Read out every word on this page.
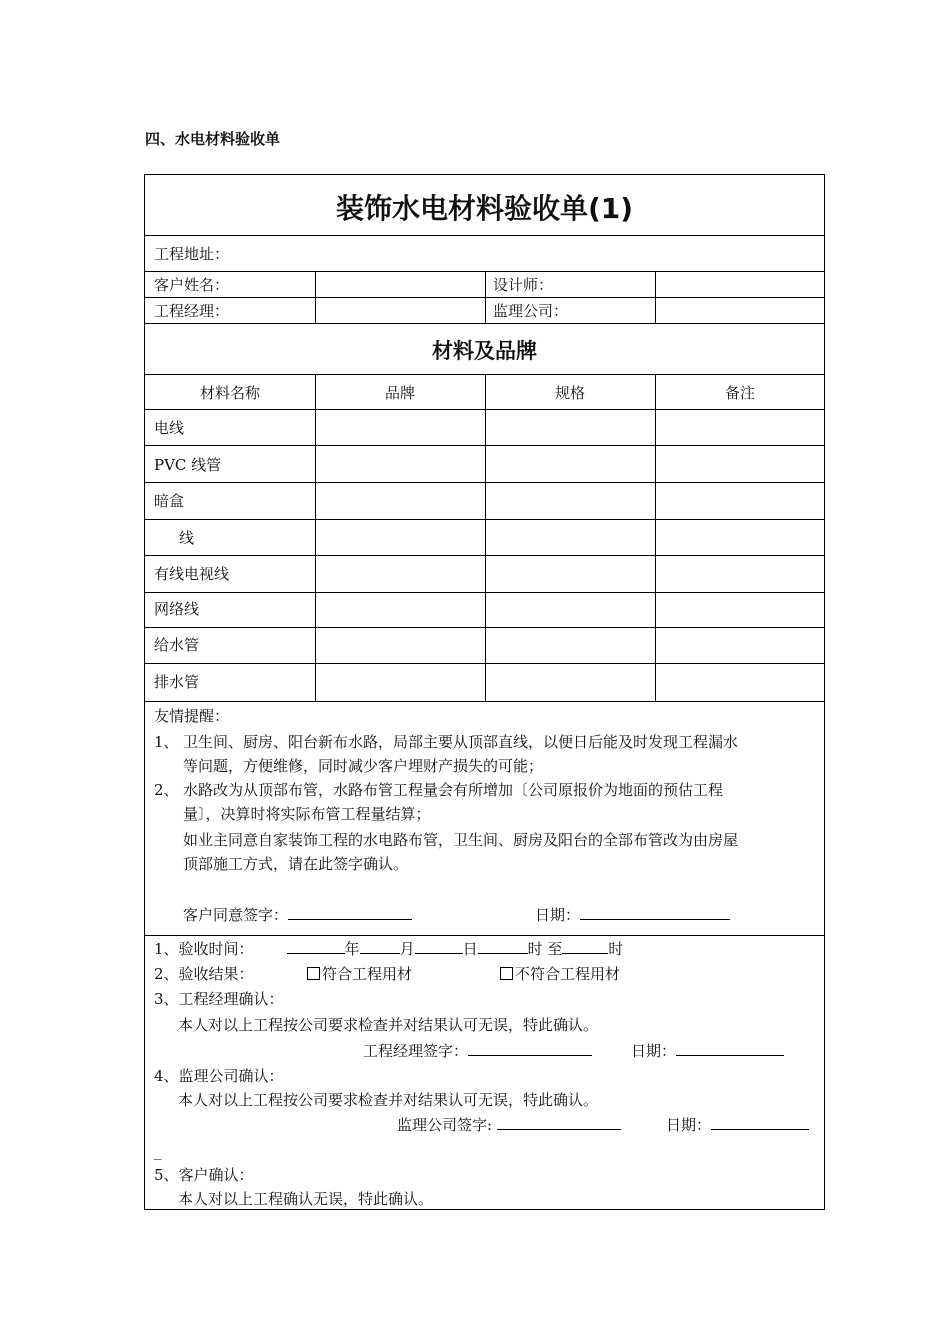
四、水电材料验收单
装饰水电材料验收单(1)
工程地址：
客户姓名：	设计师：
工程经理：	监理公司：
材料及品牌
材料名称	品牌	规格	备注
电线
PVC 线管
暗盒
线
有线电视线
网络线
给水管
排水管
友情提醒：
1、 卫生间、厨房、阳台新布水路，局部主要从顶部直线，以便日后能及时发现工程漏水
等问题，方便维修，同时减少客户埋财产损失的可能；
2、 水路改为从顶部布管，水路布管工程量会有所增加〔公司原报价为地面的预估工程
量〕，决算时将实际布管工程量结算；
如业主同意自家装饰工程的水电路布管，卫生间、厨房及阳台的全部布管改为由房屋
顶部施工方式，请在此签字确认。
客户同意签字：	日期：
1、验收时间：	年	月	日	时 至	时
2、验收结果：	符合工程用材	不符合工程用材
3、工程经理确认：
本人对以上工程按公司要求检查并对结果认可无误，特此确认。
工程经理签字：	日期：
4、监理公司确认：
本人对以上工程按公司要求检查并对结果认可无误，特此确认。
监理公司签字:	日期：
_
5、客户确认：
本人对以上工程确认无误，特此确认。
